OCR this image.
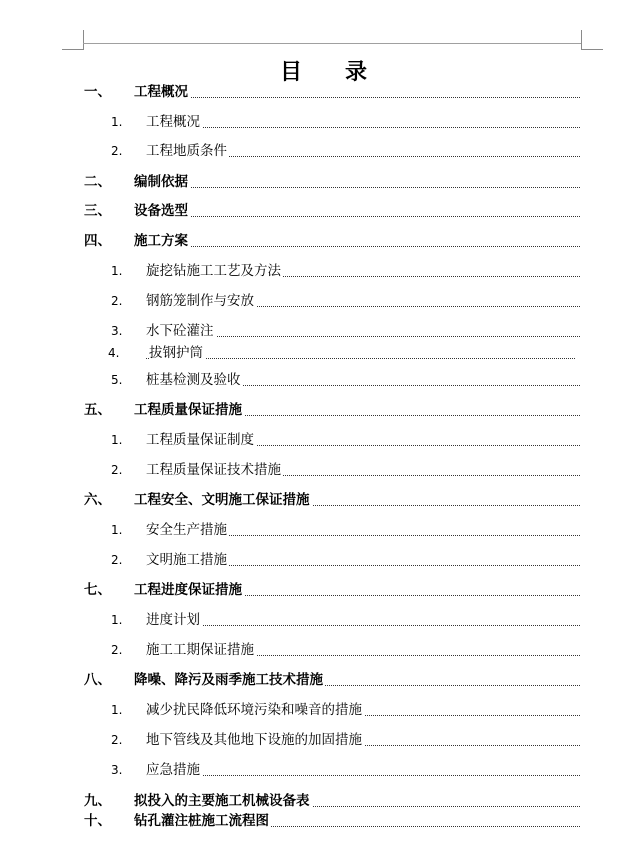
目 录
一、 工程概况
1. 工程概况
2. 工程地质条件
二、 编制依据
三、 设备选型
四、 施工方案
1. 旋挖钻施工工艺及方法
2. 钢筋笼制作与安放
3. 水下砼灌注
4. 拔钢护筒
5. 桩基检测及验收
五、 工程质量保证措施
1. 工程质量保证制度
2. 工程质量保证技术措施
六、 工程安全、文明施工保证措施
1. 安全生产措施
2. 文明施工措施
七、 工程进度保证措施
1. 进度计划
2. 施工工期保证措施
八、 降噪、降污及雨季施工技术措施
1. 减少扰民降低环境污染和噪音的措施
2. 地下管线及其他地下设施的加固措施
3. 应急措施
九、 拟投入的主要施工机械设备表
十、 钻孔灌注桩施工流程图
